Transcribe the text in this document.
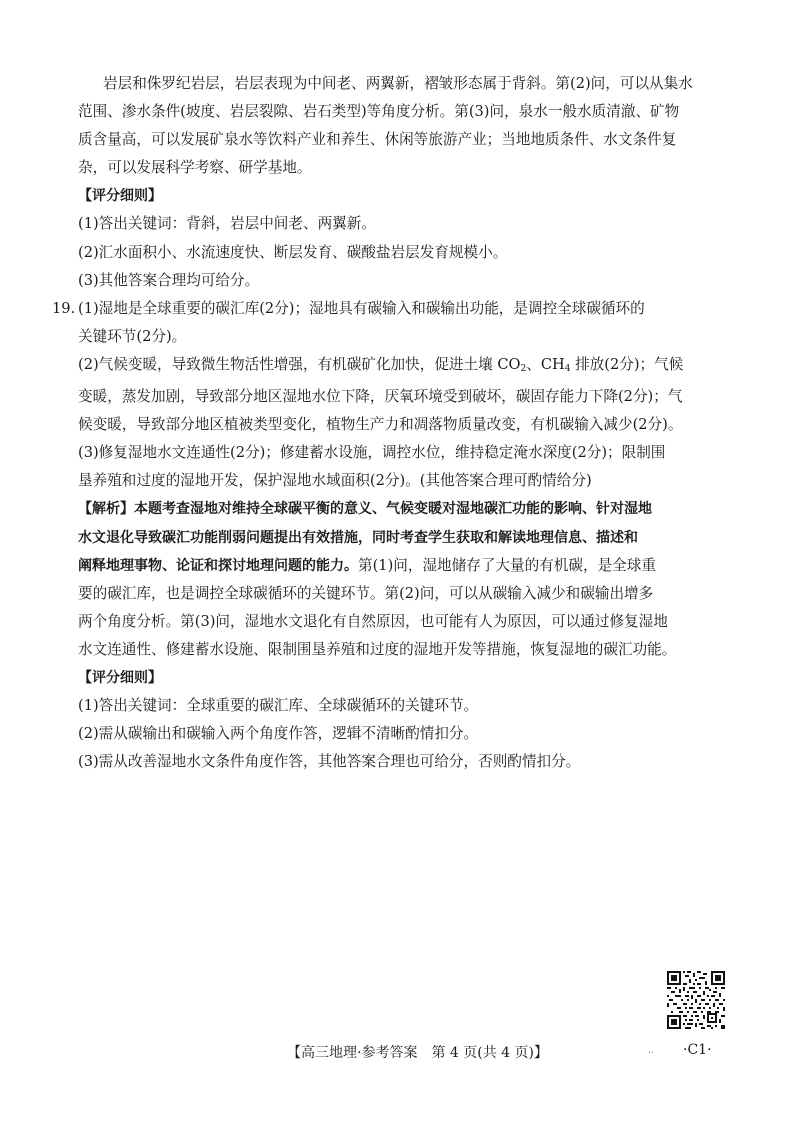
岩层和侏罗纪岩层，岩层表现为中间老、两翼新，褶皱形态属于背斜。第(2)问，可以从集水

范围、渗水条件(坡度、岩层裂隙、岩石类型)等角度分析。第(3)问，泉水一般水质清澈、矿物

质含量高，可以发展矿泉水等饮料产业和养生、休闲等旅游产业；当地地质条件、水文条件复

杂，可以发展科学考察、研学基地。

【评分细则】

(1)答出关键词：背斜，岩层中间老、两翼新。

(2)汇水面积小、水流速度快、断层发育、碳酸盐岩层发育规模小。

(3)其他答案合理均可给分。

19. (1)湿地是全球重要的碳汇库(2分)；湿地具有碳输入和碳输出功能，是调控全球碳循环的

关键环节(2分)。

(2)气候变暖，导致微生物活性增强，有机碳矿化加快，促进土壤 $CO_2$、$CH_4$ 排放(2分)；气候

变暖，蒸发加剧，导致部分地区湿地水位下降，厌氧环境受到破坏，碳固存能力下降(2分)；气

候变暖，导致部分地区植被类型变化，植物生产力和凋落物质量改变，有机碳输入减少(2分)。

(3)修复湿地水文连通性(2分)；修建蓄水设施，调控水位，维持稳定淹水深度(2分)；限制围

垦养殖和过度的湿地开发，保护湿地水域面积(2分)。(其他答案合理可酌情给分)

【解析】本题考查湿地对维持全球碳平衡的意义、气候变暖对湿地碳汇功能的影响、针对湿地

水文退化导致碳汇功能削弱问题提出有效措施，同时考查学生获取和解读地理信息、描述和

阐释地理事物、论证和探讨地理问题的能力。第(1)问，湿地储存了大量的有机碳，是全球重

要的碳汇库，也是调控全球碳循环的关键环节。第(2)问，可以从碳输入减少和碳输出增多

两个角度分析。第(3)问，湿地水文退化有自然原因，也可能有人为原因，可以通过修复湿地

水文连通性、修建蓄水设施、限制围垦养殖和过度的湿地开发等措施，恢复湿地的碳汇功能。

【评分细则】

(1)答出关键词：全球重要的碳汇库、全球碳循环的关键环节。

(2)需从碳输出和碳输入两个角度作答，逻辑不清晰酌情扣分。

(3)需从改善湿地水文条件角度作答，其他答案合理也可给分，否则酌情扣分。

【高三地理·参考答案　第 4 页(共 4 页)】	.. ·C1·
